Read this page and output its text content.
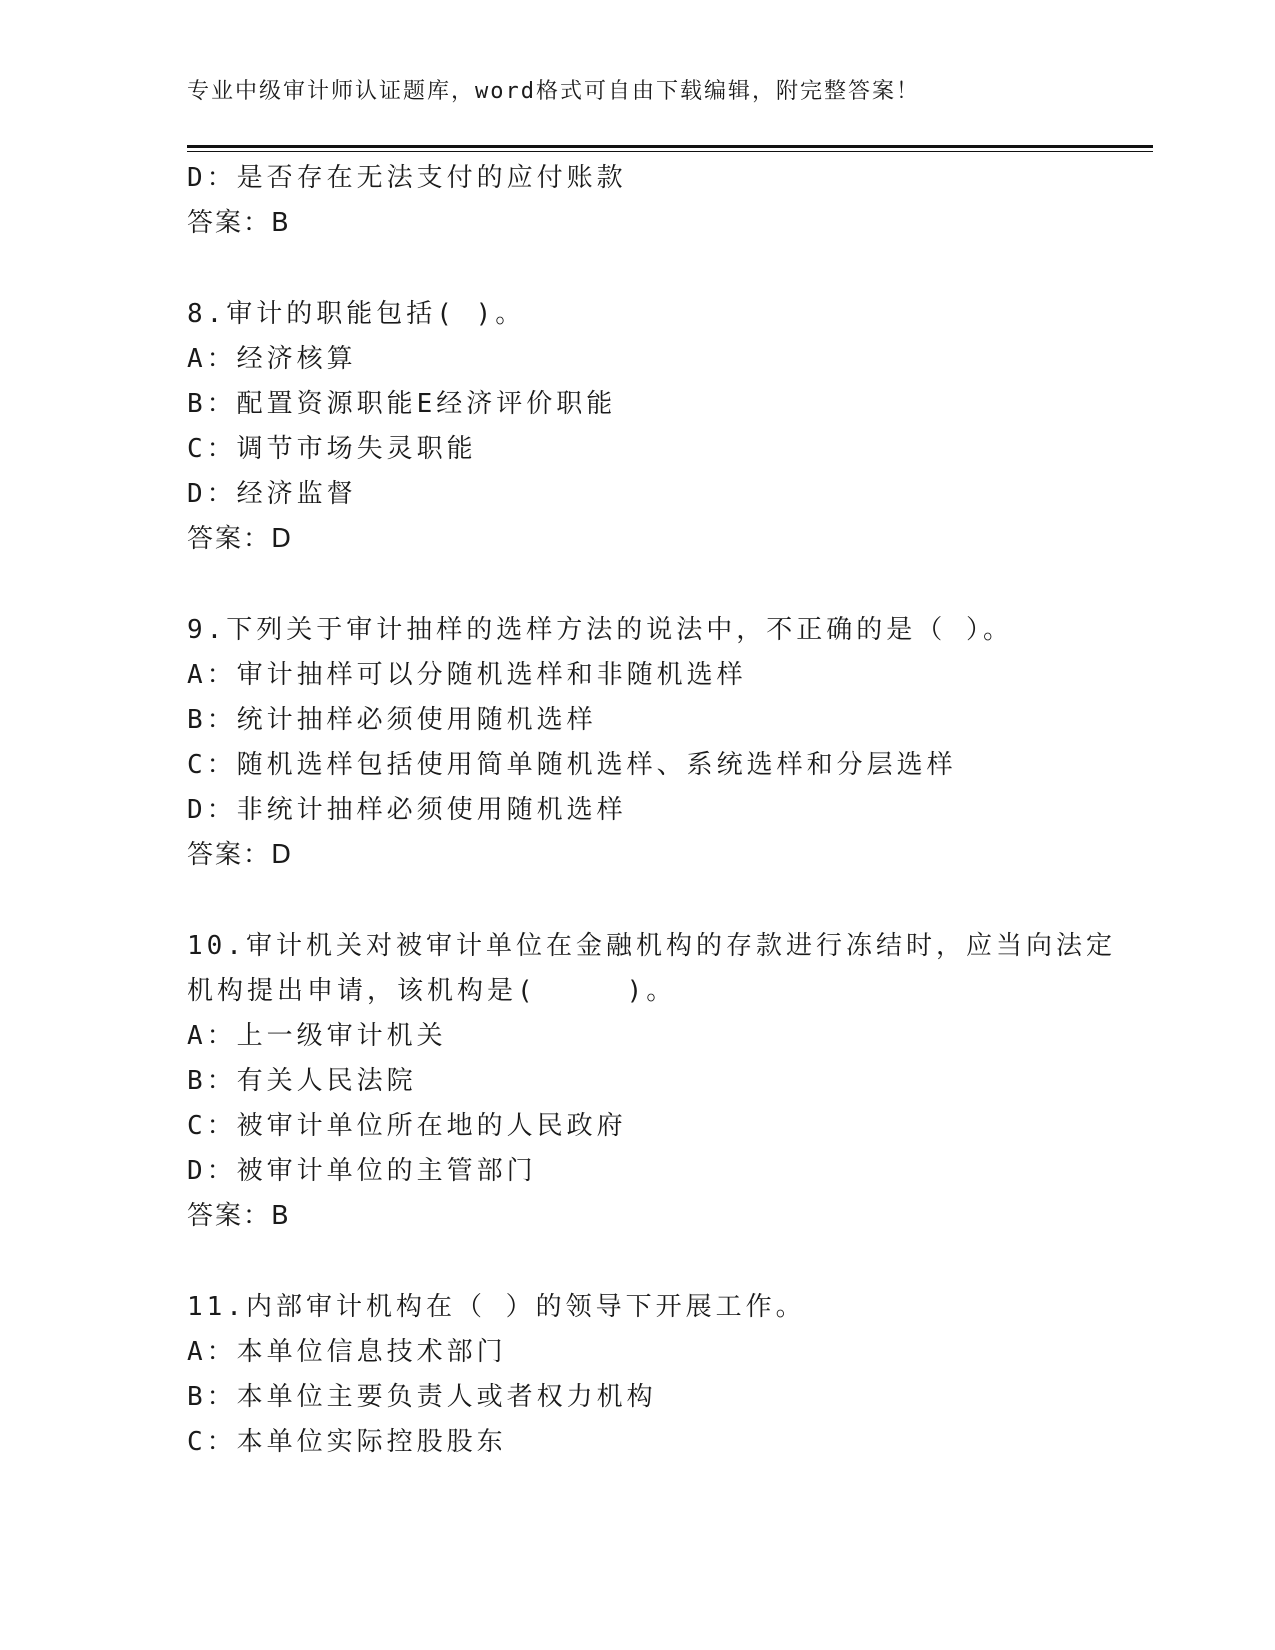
专业中级审计师认证题库，word格式可自由下载编辑，附完整答案！
D：是否存在无法支付的应付账款
答案：B
8.审计的职能包括( )。
A：经济核算
B：配置资源职能E经济评价职能
C：调节市场失灵职能
D：经济监督
答案：D
9.下列关于审计抽样的选样方法的说法中，不正确的是（ ）。
A：审计抽样可以分随机选样和非随机选样
B：统计抽样必须使用随机选样
C：随机选样包括使用简单随机选样、系统选样和分层选样
D：非统计抽样必须使用随机选样
答案：D
10.审计机关对被审计单位在金融机构的存款进行冻结时，应当向法定
机构提出申请，该机构是(　　　)。
A：上一级审计机关
B：有关人民法院
C：被审计单位所在地的人民政府
D：被审计单位的主管部门
答案：B
11.内部审计机构在（ ）的领导下开展工作。
A：本单位信息技术部门
B：本单位主要负责人或者权力机构
C：本单位实际控股股东
